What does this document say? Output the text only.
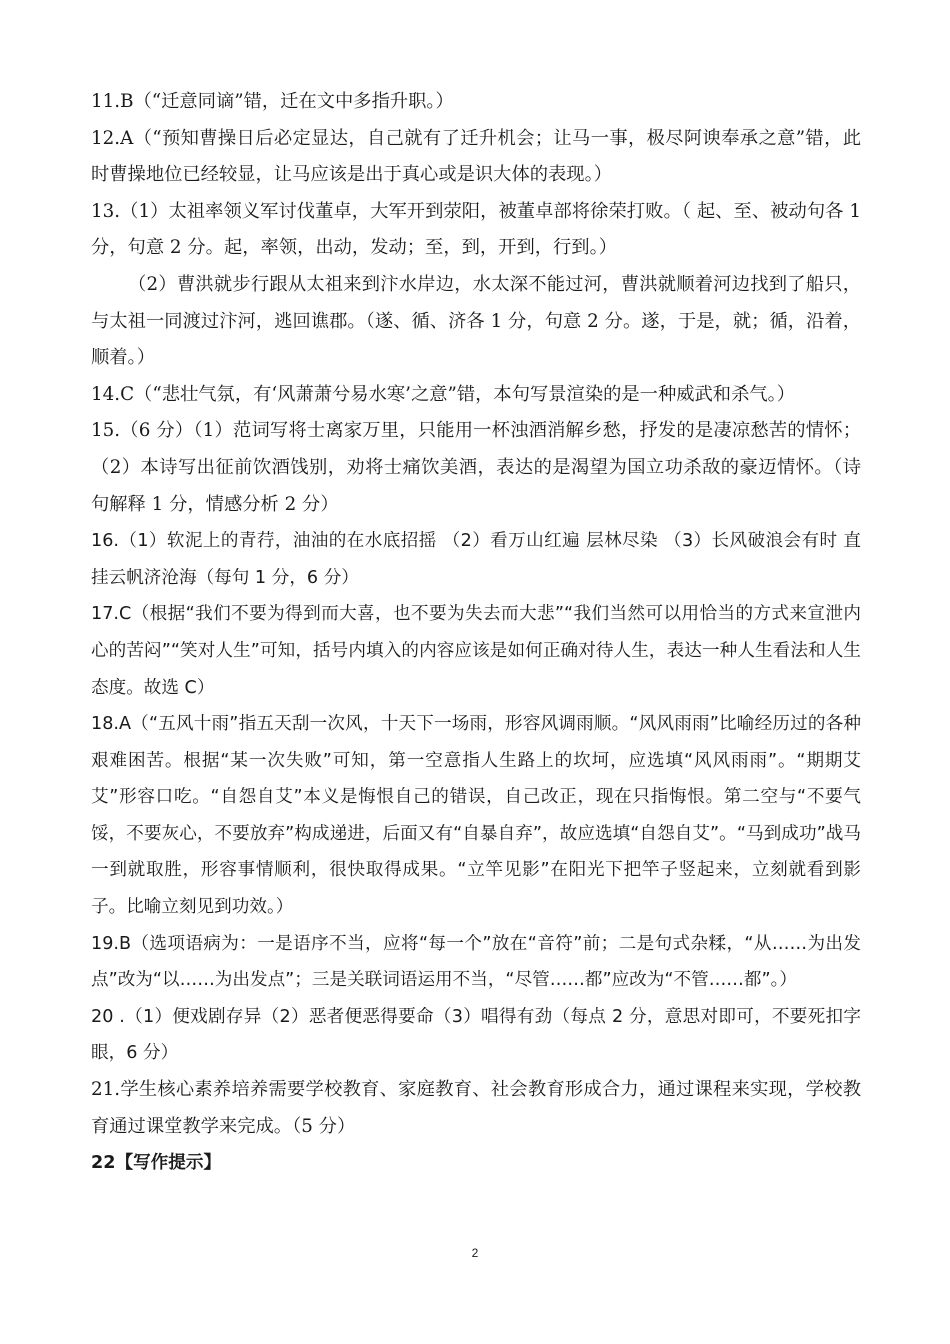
11.B（“迁意同谪”错，迁在文中多指升职。）

12.A（“预知曹操日后必定显达，自己就有了迁升机会；让马一事，极尽阿谀奉承之意”错，此时曹操地位已经较显，让马应该是出于真心或是识大体的表现。）

13.（1）太祖率领义军讨伐董卓，大军开到荥阳，被董卓部将徐荣打败。（ 起、至、被动句各 1 分，句意 2 分。起，率领，出动，发动；至，到，开到，行到。）

（2）曹洪就步行跟从太祖来到汴水岸边，水太深不能过河，曹洪就顺着河边找到了船只，与太祖一同渡过汴河，逃回谯郡。（遂、循、济各 1 分，句意 2 分。遂，于是，就；循，沿着，顺着。）

14.C（“悲壮气氛，有‘风萧萧兮易水寒’之意”错，本句写景渲染的是一种威武和杀气。）

15.（6 分）（1）范词写将士离家万里，只能用一杯浊酒消解乡愁，抒发的是凄凉愁苦的情怀；（2）本诗写出征前饮酒饯别，劝将士痛饮美酒，表达的是渴望为国立功杀敌的豪迈情怀。（诗句解释 1 分，情感分析 2 分）

16.（1）软泥上的青荇，油油的在水底招摇 （2）看万山红遍 层林尽染 （3）长风破浪会有时 直挂云帆济沧海（每句 1 分，6 分）

17.C（根据“我们不要为得到而大喜，也不要为失去而大悲”“我们当然可以用恰当的方式来宣泄内心的苦闷”“笑对人生”可知，括号内填入的内容应该是如何正确对待人生，表达一种人生看法和人生态度。故选 C）

18.A（“五风十雨”指五天刮一次风，十天下一场雨，形容风调雨顺。“风风雨雨”比喻经历过的各种艰难困苦。根据“某一次失败”可知，第一空意指人生路上的坎坷，应选填“风风雨雨”。“期期艾艾”形容口吃。“自怨自艾”本义是悔恨自己的错误，自己改正，现在只指悔恨。第二空与“不要气馁，不要灰心，不要放弃”构成递进，后面又有“自暴自弃”，故应选填“自怨自艾”。“马到成功”战马一到就取胜，形容事情顺利，很快取得成果。“立竿见影”在阳光下把竿子竖起来，立刻就看到影子。比喻立刻见到功效。）

19.B（选项语病为：一是语序不当，应将“每一个”放在“音符”前；二是句式杂糅，“从……为出发点”改为“以……为出发点”；三是关联词语运用不当，“尽管……都”应改为“不管……都”。）

20 .（1）便戏剧存异（2）恶者便恶得要命（3）唱得有劲（每点 2 分，意思对即可，不要死扣字眼，6 分）

21.学生核心素养培养需要学校教育、家庭教育、社会教育形成合力，通过课程来实现，学校教育通过课堂教学来完成。（5 分）

22【写作提示】

2
